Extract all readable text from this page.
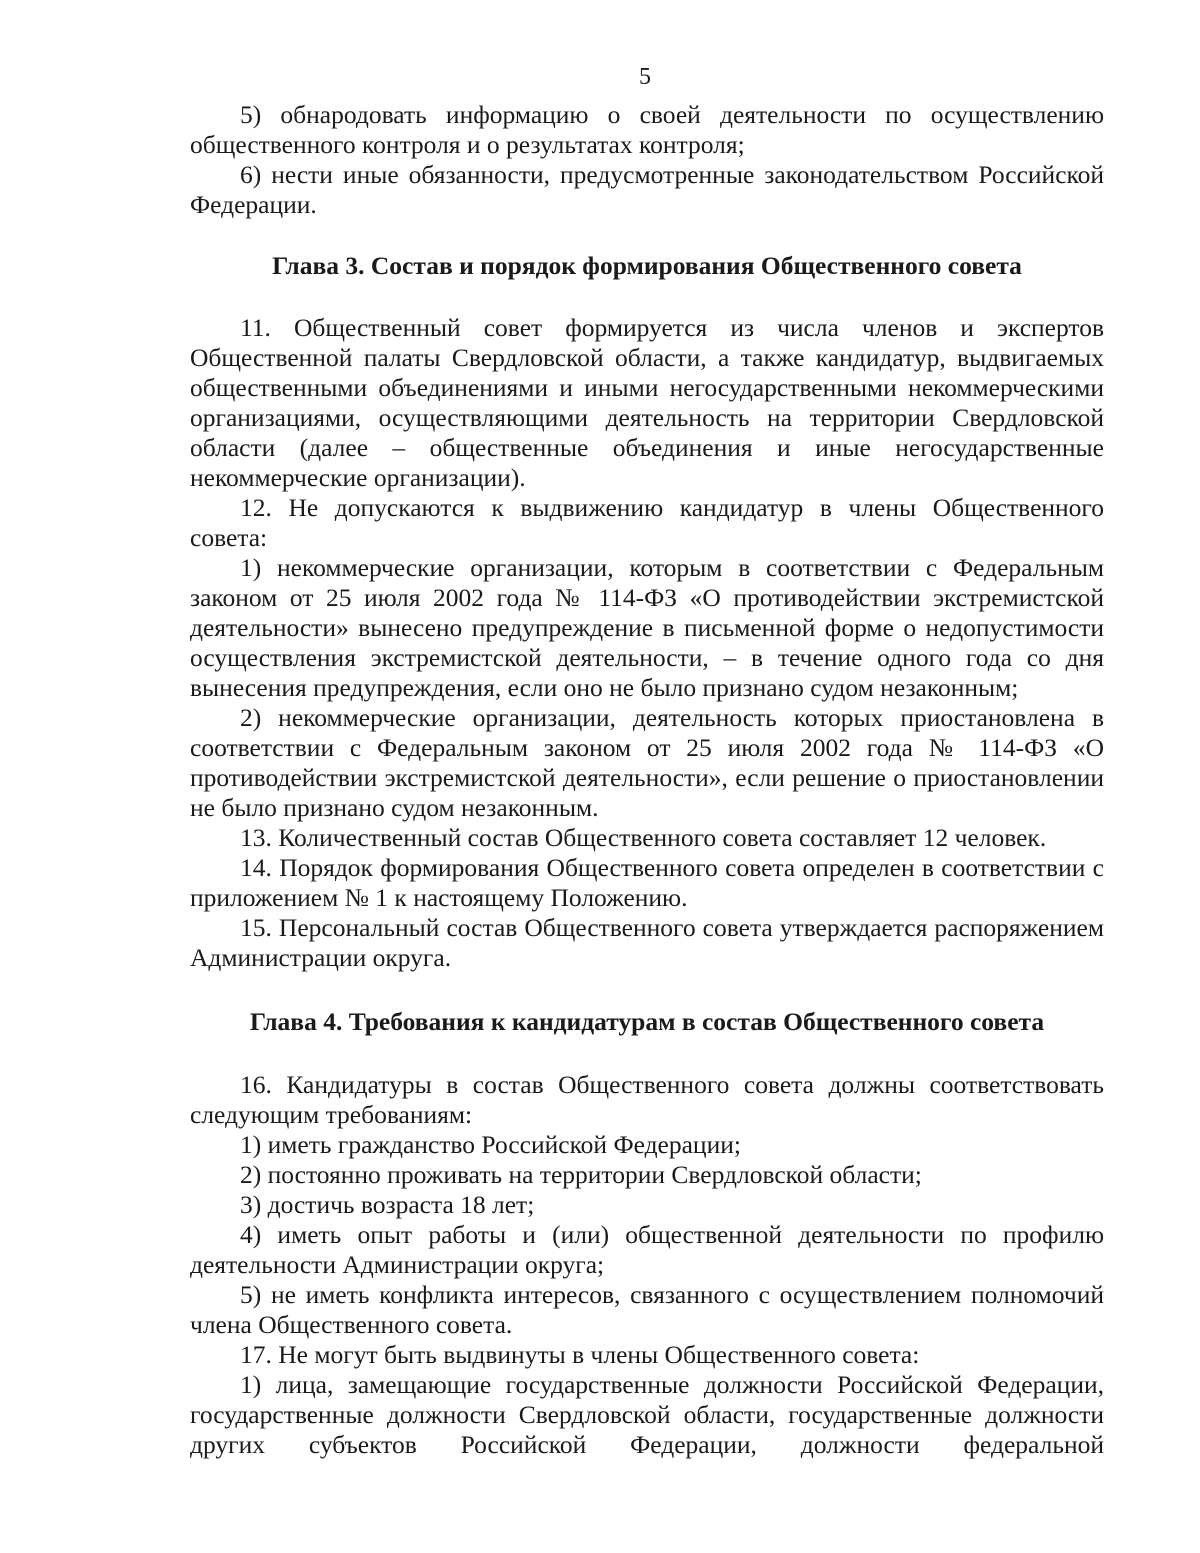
5

5) обнародовать информацию о своей деятельности по осуществлению общественного контроля и о результатах контроля;

6) нести иные обязанности, предусмотренные законодательством Российской Федерации.

Глава 3. Состав и порядок формирования Общественного совета

11. Общественный совет формируется из числа членов и экспертов Общественной палаты Свердловской области, а также кандидатур, выдвигаемых общественными объединениями и иными негосударственными некоммерческими организациями, осуществляющими деятельность на территории Свердловской области (далее – общественные объединения и иные негосударственные некоммерческие организации).

12. Не допускаются к выдвижению кандидатур в члены Общественного совета:

1) некоммерческие организации, которым в соответствии с Федеральным законом от 25 июля 2002 года № 114-ФЗ «О противодействии экстремистской деятельности» вынесено предупреждение в письменной форме о недопустимости осуществления экстремистской деятельности, – в течение одного года со дня вынесения предупреждения, если оно не было признано судом незаконным;

2) некоммерческие организации, деятельность которых приостановлена в соответствии с Федеральным законом от 25 июля 2002 года № 114-ФЗ «О противодействии экстремистской деятельности», если решение о приостановлении не было признано судом незаконным.

13. Количественный состав Общественного совета составляет 12 человек.

14. Порядок формирования Общественного совета определен в соответствии с приложением № 1 к настоящему Положению.

15. Персональный состав Общественного совета утверждается распоряжением Администрации округа.

Глава 4. Требования к кандидатурам в состав Общественного совета

16. Кандидатуры в состав Общественного совета должны соответствовать следующим требованиям:

1) иметь гражданство Российской Федерации;

2) постоянно проживать на территории Свердловской области;

3) достичь возраста 18 лет;

4) иметь опыт работы и (или) общественной деятельности по профилю деятельности Администрации округа;

5) не иметь конфликта интересов, связанного с осуществлением полномочий члена Общественного совета.

17. Не могут быть выдвинуты в члены Общественного совета:

1) лица, замещающие государственные должности Российской Федерации, государственные должности Свердловской области, государственные должности других субъектов Российской Федерации, должности федеральной
